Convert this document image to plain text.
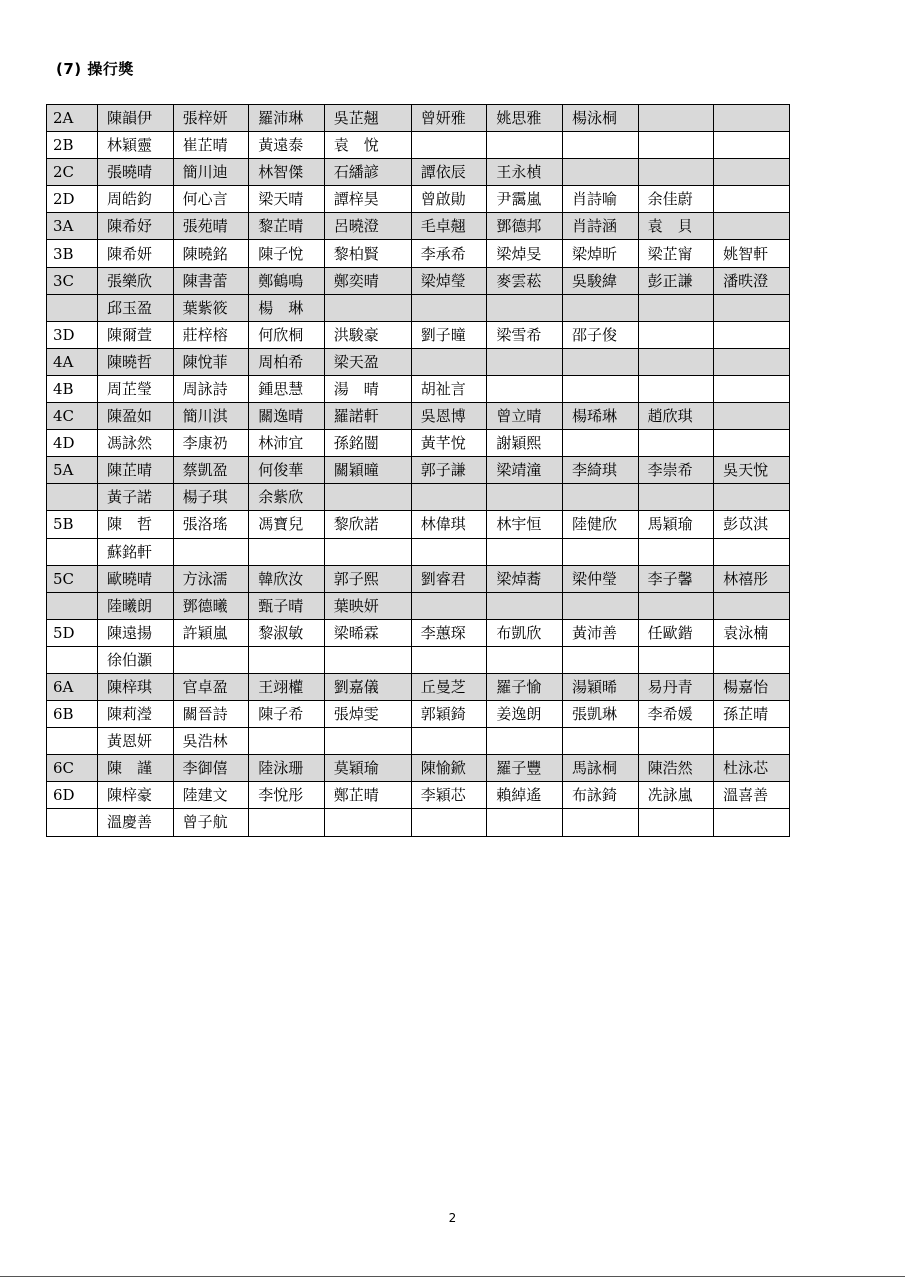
(7) 操行獎
2A	陳韻伊	張梓妍	羅沛琳	吳芷翹	曾妍雅	姚思雅	楊泳桐		
2B	林穎靈	崔芷晴	黃遠泰	袁　悅					
2C	張曉晴	簡川迪	林智傑	石繙諺	譚依辰	王永楨			
2D	周皓鈞	何心言	梁天晴	譚梓昊	曾啟勛	尹靄嵐	肖詩喻	余佳蔚	
3A	陳希妤	張苑晴	黎芷晴	呂曉澄	毛卓翹	鄧德邦	肖詩涵	袁　貝	
3B	陳希妍	陳曉銘	陳子悅	黎柏賢	李承希	梁焯旻	梁焯昕	梁芷甯	姚智軒
3C	張樂欣	陳書蕾	鄭鶴鳴	鄭奕晴	梁焯瑩	麥雲菘	吳駿緯	彭正謙	潘昳澄
	邱玉盈	葉紫筱	楊　琳						
3D	陳爾萱	莊梓榕	何欣桐	洪駿豪	劉子曈	梁雪希	邵子俊		
4A	陳曉哲	陳悅菲	周柏希	梁天盈					
4B	周芷瑩	周詠詩	鍾思慧	湯　晴	胡祉言				
4C	陳盈如	簡川淇	關逸晴	羅諾軒	吳恩博	曾立晴	楊琋琳	趙欣琪	
4D	馮詠然	李康礽	林沛宜	孫銘闓	黃芊悅	謝穎熙			
5A	陳芷晴	蔡凱盈	何俊華	關穎曈	郭子謙	梁靖潼	李綺琪	李崇希	吳天悅
	黃子諾	楊子琪	余紫欣						
5B	陳　哲	張洛瑤	馮寶兒	黎欣諾	林偉琪	林宇恒	陸健欣	馬穎瑜	彭苡淇
	蘇銘軒								
5C	歐曉晴	方泳濡	韓欣汝	郭子熙	劉睿君	梁焯蕎	梁仲瑩	李子馨	林禧彤
	陸曦朗	鄧德曦	甄子晴	葉映妍					
5D	陳遠揚	許穎嵐	黎淑敏	梁晞霖	李蕙琛	布凱欣	黃沛善	任歐鍇	袁泳楠
	徐伯灝								
6A	陳梓琪	官卓盈	王翊權	劉嘉儀	丘曼芝	羅子愉	湯穎晞	易丹青	楊嘉怡
6B	陳莉瀅	關晉詩	陳子希	張焯雯	郭穎錡	姜逸朗	張凱琳	李希媛	孫芷晴
	黃恩妍	吳浩林							
6C	陳　謹	李御僖	陸泳珊	莫穎瑜	陳愉鍁	羅子豐	馬詠桐	陳浩然	杜泳芯
6D	陳梓豪	陸建文	李悅彤	鄭芷晴	李穎芯	賴綽遙	布詠錡	冼詠嵐	溫喜善
	溫慶善	曾子航							
2
